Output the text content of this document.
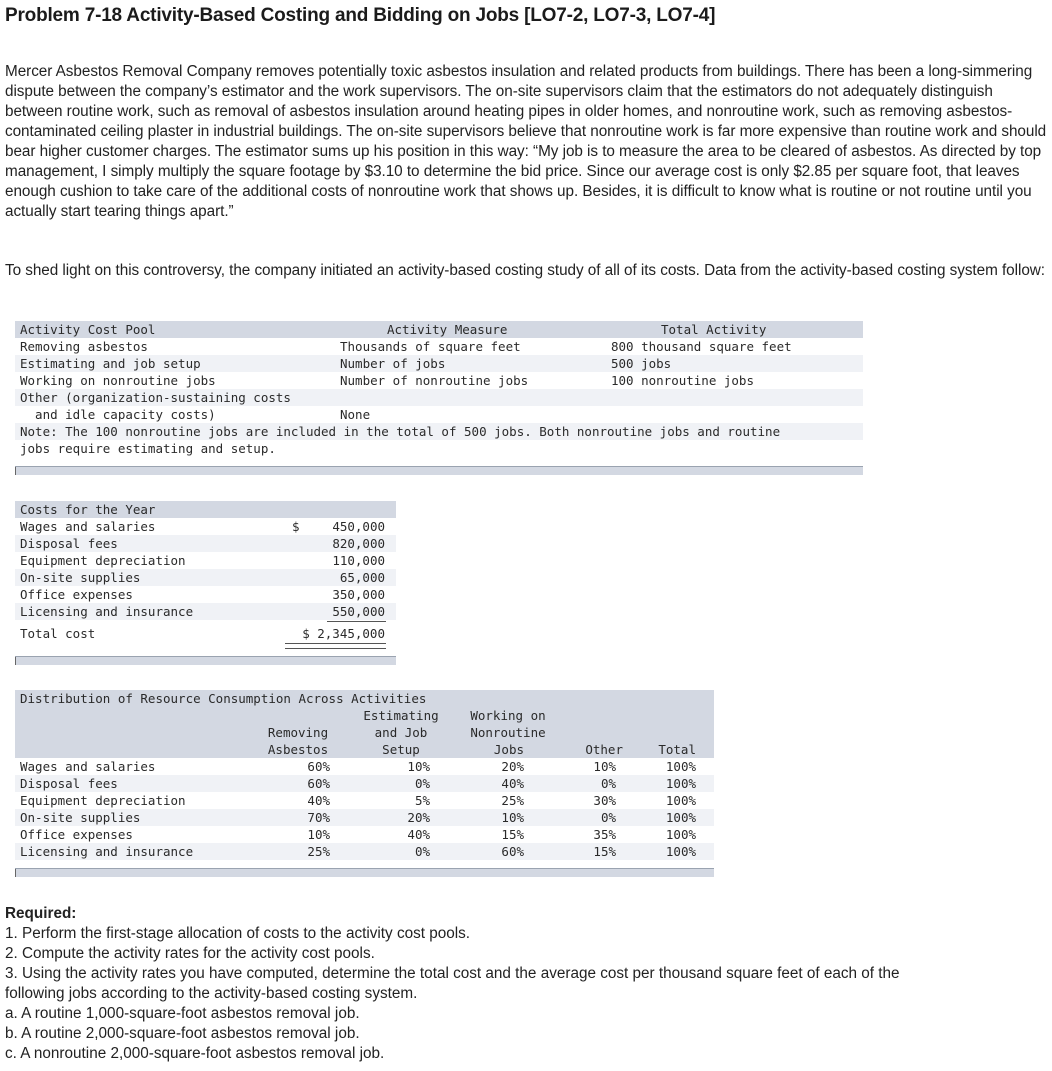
Problem 7-18 Activity-Based Costing and Bidding on Jobs [LO7-2, LO7-3, LO7-4]

Mercer Asbestos Removal Company removes potentially toxic asbestos insulation and related products from buildings. There has been a long-simmering dispute between the company’s estimator and the work supervisors. The on-site supervisors claim that the estimators do not adequately distinguish between routine work, such as removal of asbestos insulation around heating pipes in older homes, and nonroutine work, such as removing asbestos-contaminated ceiling plaster in industrial buildings. The on-site supervisors believe that nonroutine work is far more expensive than routine work and should bear higher customer charges. The estimator sums up his position in this way: “My job is to measure the area to be cleared of asbestos. As directed by top management, I simply multiply the square footage by $3.10 to determine the bid price. Since our average cost is only $2.85 per square foot, that leaves enough cushion to take care of the additional costs of nonroutine work that shows up. Besides, it is difficult to know what is routine or not routine until you actually start tearing things apart.”

To shed light on this controversy, the company initiated an activity-based costing study of all of its costs. Data from the activity-based costing system follow:

Activity Cost Pool	Activity Measure	Total Activity
Removing asbestos	Thousands of square feet	800 thousand square feet
Estimating and job setup	Number of jobs	500 jobs
Working on nonroutine jobs	Number of nonroutine jobs	100 nonroutine jobs
Other (organization-sustaining costs
and idle capacity costs)	None
Note: The 100 nonroutine jobs are included in the total of 500 jobs. Both nonroutine jobs and routine
jobs require estimating and setup.
Costs for the Year
Wages and salaries	$	450,000
Disposal fees	820,000
Equipment depreciation	110,000
On-site supplies	65,000
Office expenses	350,000
Licensing and insurance	550,000
Total cost	$ 2,345,000
Distribution of Resource Consumption Across Activities
Removing
Asbestos
Estimating
and Job
Setup
Working on
Nonroutine
Jobs	Other	Total
Wages and salaries	60%	10%	20%	10%	100%
Disposal fees	60%	0%	40%	0%	100%
Equipment depreciation	40%	5%	25%	30%	100%
On-site supplies	70%	20%	10%	0%	100%
Office expenses	10%	40%	15%	35%	100%
Licensing and insurance	25%	0%	60%	15%	100%
Required:
1. Perform the first-stage allocation of costs to the activity cost pools.
2. Compute the activity rates for the activity cost pools.
3. Using the activity rates you have computed, determine the total cost and the average cost per thousand square feet of each of the
following jobs according to the activity-based costing system.
a. A routine 1,000-square-foot asbestos removal job.
b. A routine 2,000-square-foot asbestos removal job.
c. A nonroutine 2,000-square-foot asbestos removal job.
